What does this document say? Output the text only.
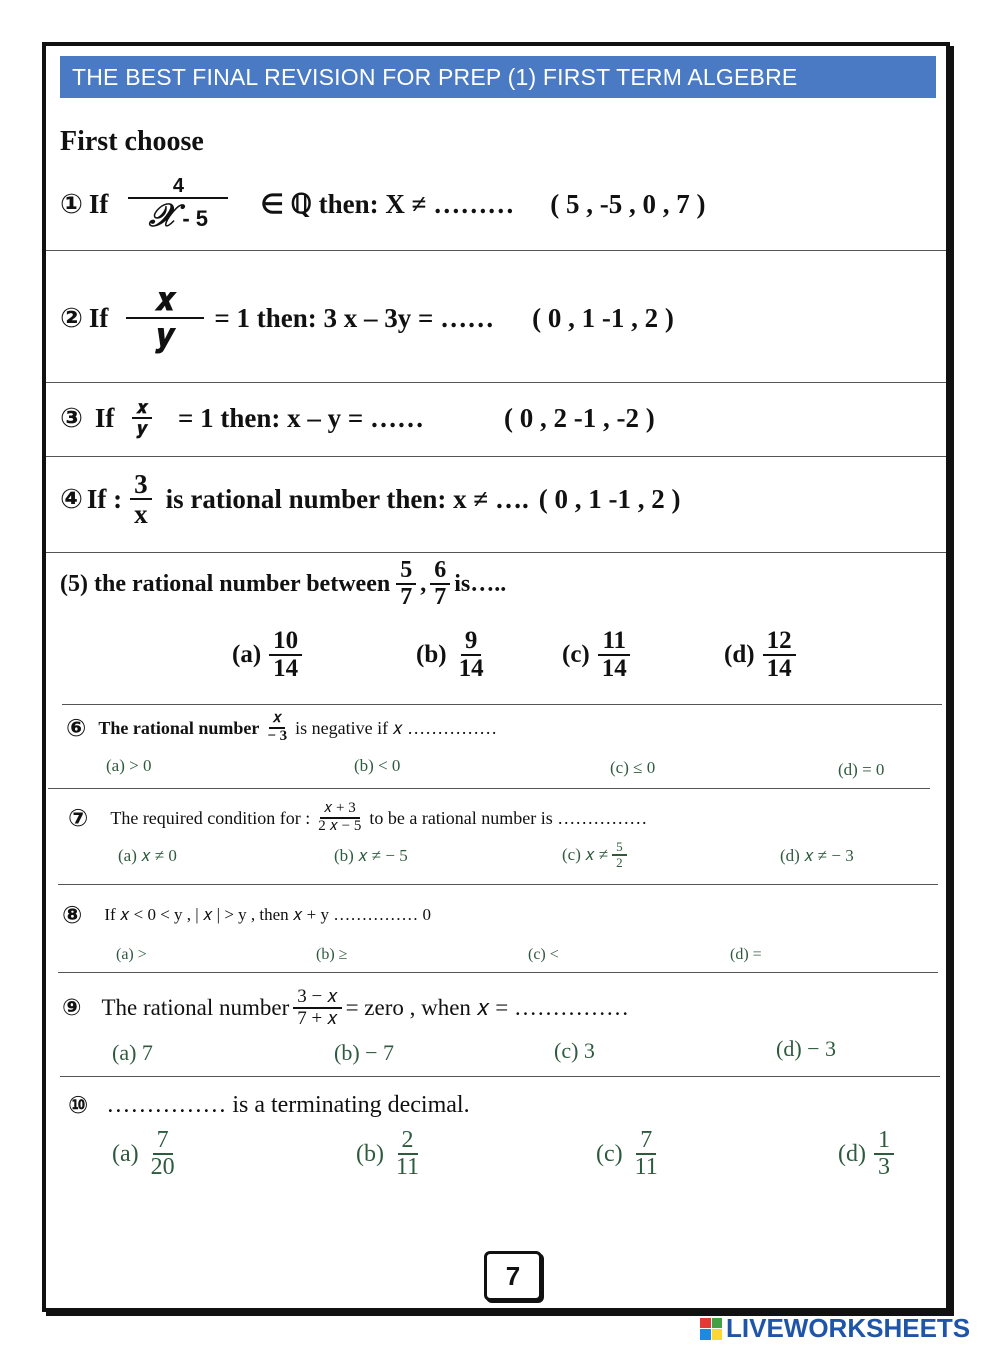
THE BEST FINAL REVISION FOR PREP (1) FIRST TERM ALGEBRE
First choose
① If $\frac{4}{\text{𝒳 - 5}}$ ∈ ℚ then: X ≠ ……… ( 5 , -5 , 0 , 7 )
② If $\frac{\text{𝒙}}{\text{𝒚}} = 1$ then: 3 x – 3y = …… ( 0 , 1 -1 , 2 )
③ If $\frac{\text{𝒙}}{\text{𝒚}} = 1$ then: x – y = ……	( 0 , 2 -1 , -2 )
④ If : $\frac{3}{x}$ is rational number then: x ≠ …. ( 0 , 1 -1 , 2 )
(5) the rational number between $\frac{5}{7}$ , $\frac{6}{7}$ is…..
$(a) \frac{10}{14}$	$(b) \frac{9}{14}$	$(c) \frac{11}{14}$	$(d) \frac{12}{14}$
⑥ The rational number $\frac{\text{𝑥}}{- 3}$ is negative if 𝑥 ……………
(a) > 0	(b) < 0	(c) ≤ 0	(d) = 0
⑦ The required condition for : $\frac{\text{𝑥 + 3}}{\text{2 𝑥 − 5}}$ to be a rational number is ……………
(a) 𝑥 ≠ 0	(b) 𝑥 ≠ − 5	(c) 𝑥 ≠ $\frac{5}{2}$	(d) 𝑥 ≠ − 3
⑧ If 𝑥 < 0 < y , | 𝑥 | > y , then 𝑥 + y …………… 0
(a) >	(b) ≥	(c) <	(d) =
⑨ The rational number $\frac{\text{3 − 𝑥}}{\text{7 + 𝑥}}$ = zero , when 𝑥 = ……………
(a) 7	(b) − 7	(c) 3	(d) − 3
⑩ …………… is a terminating decimal.
$(a) \frac{7}{20}$	$(b) \frac{2}{11}$	$(c) \frac{7}{11}$	$(d) \frac{1}{3}$
7
LIVEWORKSHEETS
